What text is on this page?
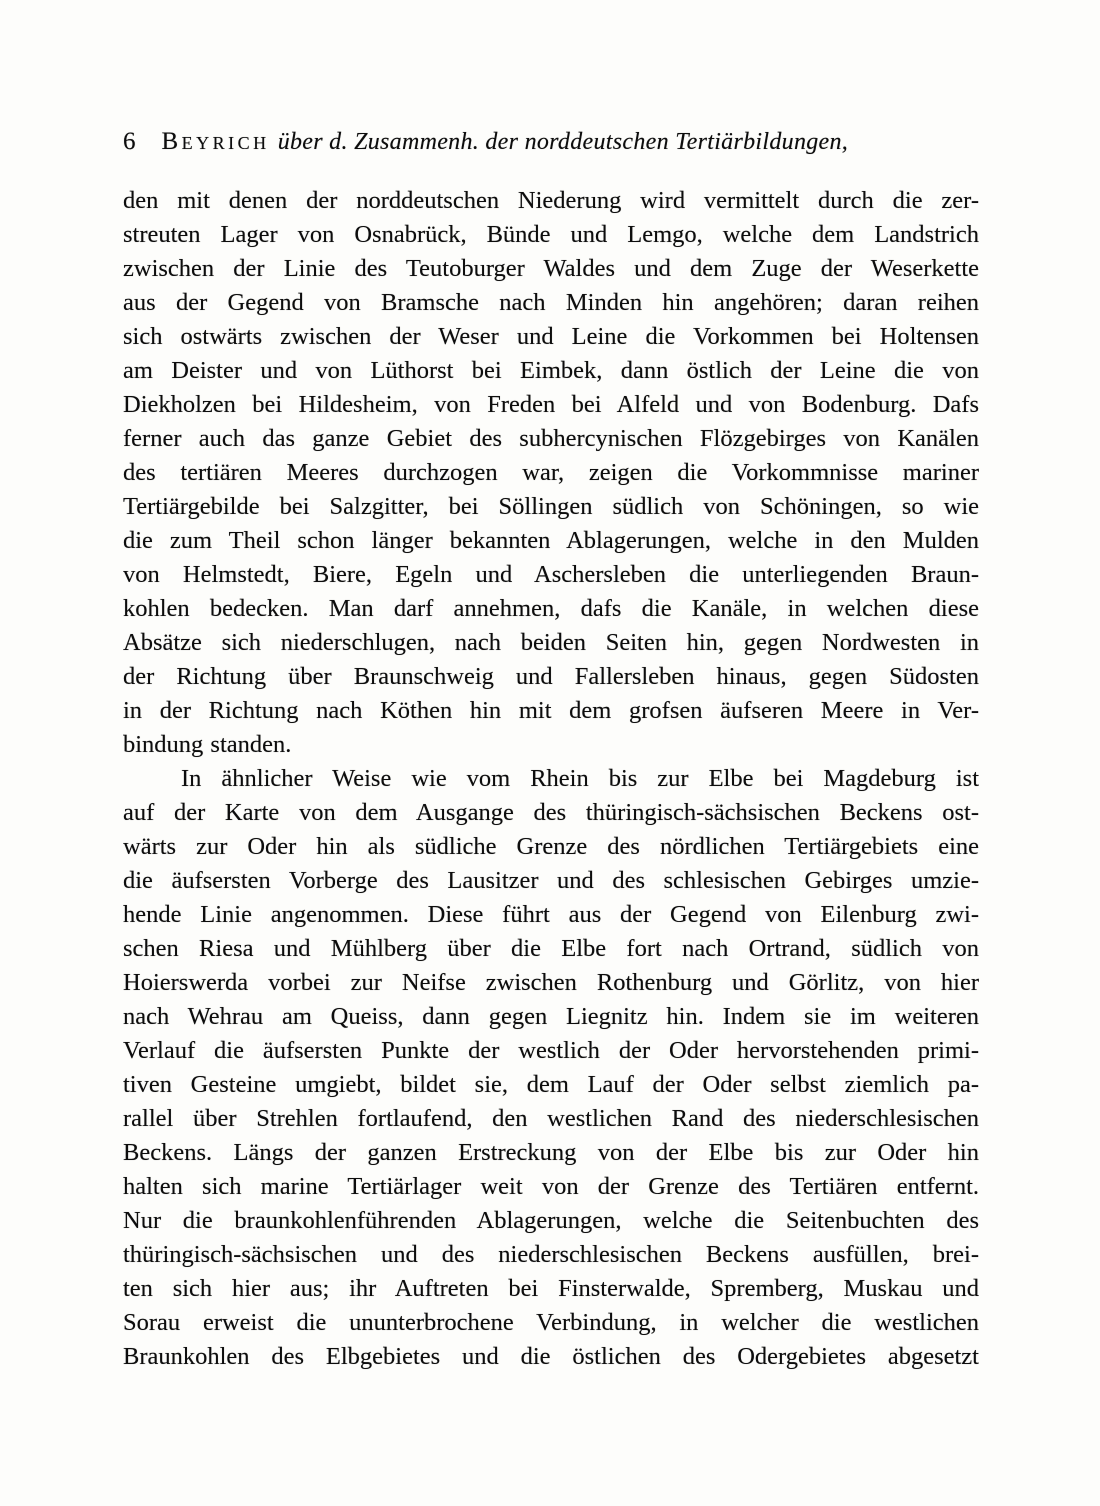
6 Beyrich über d. Zusammenh. der norddeutschen Tertiärbildungen,
den mit denen der norddeutschen Niederung wird vermittelt durch die zer-
streuten Lager von Osnabrück, Bünde und Lemgo, welche dem Landstrich
zwischen der Linie des Teutoburger Waldes und dem Zuge der Weserkette
aus der Gegend von Bramsche nach Minden hin angehören; daran reihen
sich ostwärts zwischen der Weser und Leine die Vorkommen bei Holtensen
am Deister und von Lüthorst bei Eimbek, dann östlich der Leine die von
Diekholzen bei Hildesheim, von Freden bei Alfeld und von Bodenburg. Dafs
ferner auch das ganze Gebiet des subhercynischen Flözgebirges von Kanälen
des tertiären Meeres durchzogen war, zeigen die Vorkommnisse mariner
Tertiärgebilde bei Salzgitter, bei Söllingen südlich von Schöningen, so wie
die zum Theil schon länger bekannten Ablagerungen, welche in den Mulden
von Helmstedt, Biere, Egeln und Aschersleben die unterliegenden Braun-
kohlen bedecken. Man darf annehmen, dafs die Kanäle, in welchen diese
Absätze sich niederschlugen, nach beiden Seiten hin, gegen Nordwesten in
der Richtung über Braunschweig und Fallersleben hinaus, gegen Südosten
in der Richtung nach Köthen hin mit dem grofsen äufseren Meere in Ver-
bindung standen.
In ähnlicher Weise wie vom Rhein bis zur Elbe bei Magdeburg ist
auf der Karte von dem Ausgange des thüringisch-sächsischen Beckens ost-
wärts zur Oder hin als südliche Grenze des nördlichen Tertiärgebiets eine
die äufsersten Vorberge des Lausitzer und des schlesischen Gebirges umzie-
hende Linie angenommen. Diese führt aus der Gegend von Eilenburg zwi-
schen Riesa und Mühlberg über die Elbe fort nach Ortrand, südlich von
Hoierswerda vorbei zur Neifse zwischen Rothenburg und Görlitz, von hier
nach Wehrau am Queiss, dann gegen Liegnitz hin. Indem sie im weiteren
Verlauf die äufsersten Punkte der westlich der Oder hervorstehenden primi-
tiven Gesteine umgiebt, bildet sie, dem Lauf der Oder selbst ziemlich pa-
rallel über Strehlen fortlaufend, den westlichen Rand des niederschlesischen
Beckens. Längs der ganzen Erstreckung von der Elbe bis zur Oder hin
halten sich marine Tertiärlager weit von der Grenze des Tertiären entfernt.
Nur die braunkohlenführenden Ablagerungen, welche die Seitenbuchten des
thüringisch-sächsischen und des niederschlesischen Beckens ausfüllen, brei-
ten sich hier aus; ihr Auftreten bei Finsterwalde, Spremberg, Muskau und
Sorau erweist die ununterbrochene Verbindung, in welcher die westlichen
Braunkohlen des Elbgebietes und die östlichen des Odergebietes abgesetzt
